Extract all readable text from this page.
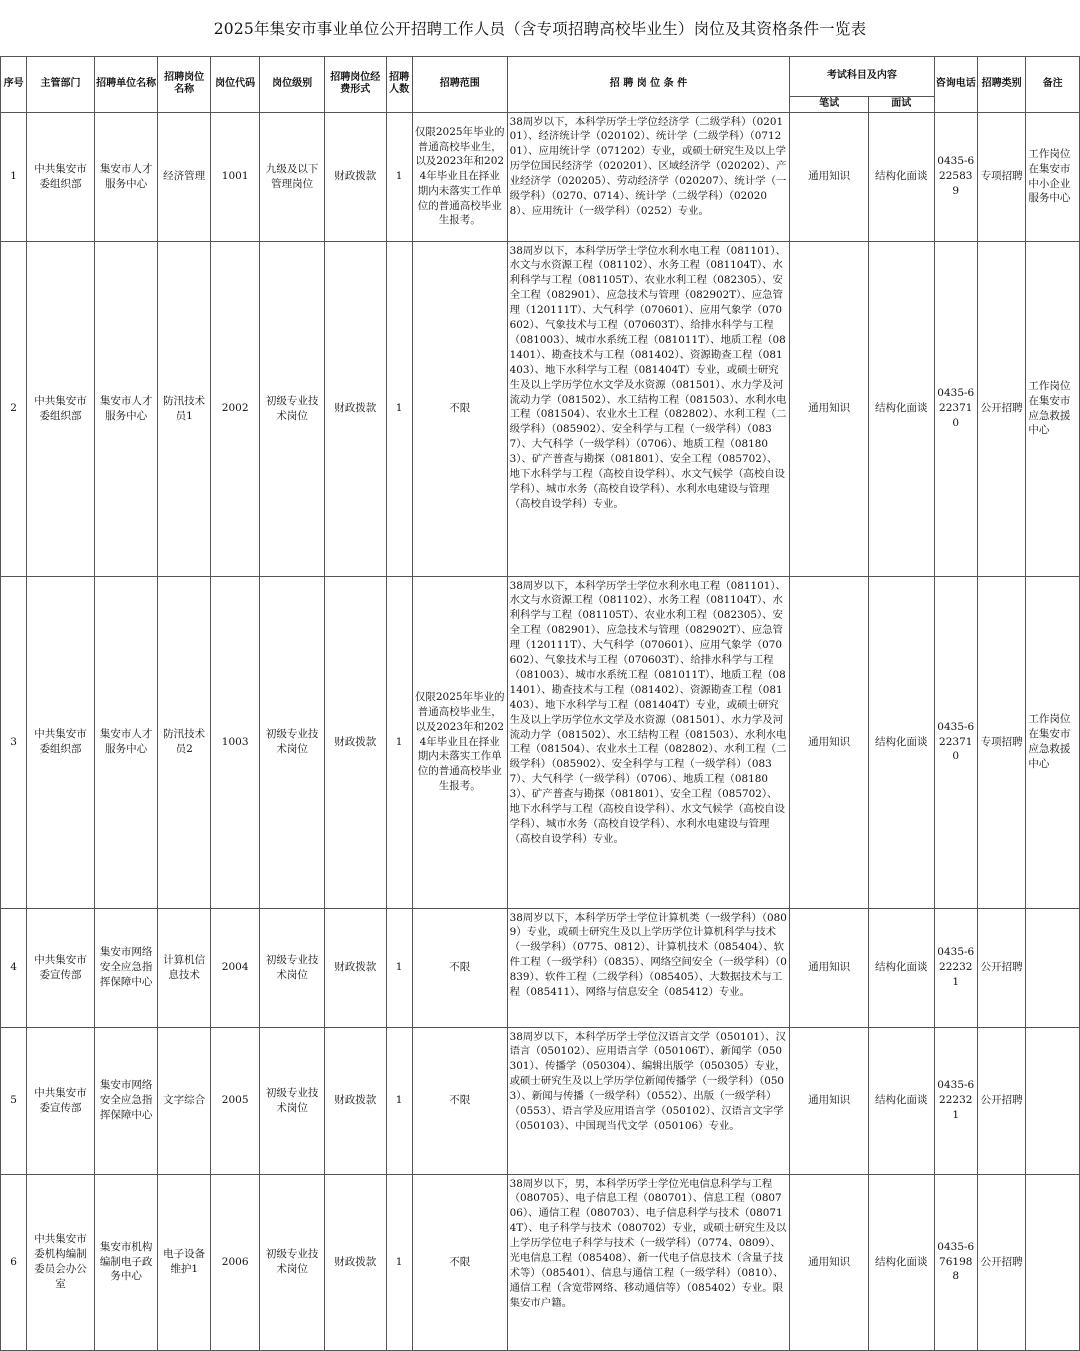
2025年集安市事业单位公开招聘工作人员（含专项招聘高校毕业生）岗位及其资格条件一览表
序号	主管部门	招聘单位名称	招聘岗位名称	岗位代码	岗位级别	招聘岗位经费形式	招聘人数	招聘范围	招 聘 岗 位 条 件	考试科目及内容		咨询电话	招聘类别	备注
										笔试	面试			
1	中共集安市委组织部	集安市人才服务中心	经济管理	1001	九级及以下管理岗位	财政拨款	1	仅限2025年毕业的普通高校毕业生，以及2023年和2024年毕业且在择业期内未落实工作单位的普通高校毕业生报考。	38周岁以下，本科学历学士学位经济学（二级学科）（020101）、经济统计学（020102）、统计学（二级学科）（071201）、应用统计学（071202）专业，或硕士研究生及以上学历学位国民经济学（020201）、区域经济学（020202）、产业经济学（020205）、劳动经济学（020207）、统计学（一级学科）（0270、0714）、统计学（二级学科）（020208）、应用统计（一级学科）（0252）专业。	通用知识	结构化面谈	0435-6225839	专项招聘	工作岗位在集安市中小企业服务中心
2	中共集安市委组织部	集安市人才服务中心	防汛技术员1	2002	初级专业技术岗位	财政拨款	1	不限	38周岁以下，本科学历学士学位水利水电工程（081101）、水文与水资源工程（081102）、水务工程（081104T）、水利科学与工程（081105T）、农业水利工程（082305）、安全工程（082901）、应急技术与管理（082902T）、应急管理（120111T）、大气科学（070601）、应用气象学（070602）、气象技术与工程（070603T）、给排水科学与工程（081003）、城市水系统工程（081011T）、地质工程（081401）、勘查技术与工程（081402）、资源勘查工程（081403）、地下水科学与工程（081404T）专业，或硕士研究生及以上学历学位水文学及水资源（081501）、水力学及河流动力学（081502）、水工结构工程（081503）、水利水电工程（081504）、农业水土工程（082802）、水利工程（二级学科）（085902）、安全科学与工程（一级学科）（0837）、大气科学（一级学科）（0706）、地质工程（081803）、矿产普查与勘探（081801）、安全工程（085702）、地下水科学与工程（高校自设学科）、水文气候学（高校自设学科）、城市水务（高校自设学科）、水利水电建设与管理（高校自设学科）专业。	通用知识	结构化面谈	0435-6223710	公开招聘	工作岗位在集安市应急救援中心
3	中共集安市委组织部	集安市人才服务中心	防汛技术员2	1003	初级专业技术岗位	财政拨款	1	仅限2025年毕业的普通高校毕业生，以及2023年和2024年毕业且在择业期内未落实工作单位的普通高校毕业生报考。	38周岁以下，本科学历学士学位水利水电工程（081101）、水文与水资源工程（081102）、水务工程（081104T）、水利科学与工程（081105T）、农业水利工程（082305）、安全工程（082901）、应急技术与管理（082902T）、应急管理（120111T）、大气科学（070601）、应用气象学（070602）、气象技术与工程（070603T）、给排水科学与工程（081003）、城市水系统工程（081011T）、地质工程（081401）、勘查技术与工程（081402）、资源勘查工程（081403）、地下水科学与工程（081404T）专业，或硕士研究生及以上学历学位水文学及水资源（081501）、水力学及河流动力学（081502）、水工结构工程（081503）、水利水电工程（081504）、农业水土工程（082802）、水利工程（二级学科）（085902）、安全科学与工程（一级学科）（0837）、大气科学（一级学科）（0706）、地质工程（081803）、矿产普查与勘探（081801）、安全工程（085702）、地下水科学与工程（高校自设学科）、水文气候学（高校自设学科）、城市水务（高校自设学科）、水利水电建设与管理（高校自设学科）专业。	通用知识	结构化面谈	0435-6223710	专项招聘	工作岗位在集安市应急救援中心
4	中共集安市委宣传部	集安市网络安全应急指挥保障中心	计算机信息技术	2004	初级专业技术岗位	财政拨款	1	不限	38周岁以下，本科学历学士学位计算机类（一级学科）（0809）专业，或硕士研究生及以上学历学位计算机科学与技术（一级学科）（0775、0812）、计算机技术（085404）、软件工程（一级学科）（0835）、网络空间安全（一级学科）（0839）、软件工程（二级学科）（085405）、大数据技术与工程（085411）、网络与信息安全（085412）专业。	通用知识	结构化面谈	0435-6222321	公开招聘	
5	中共集安市委宣传部	集安市网络安全应急指挥保障中心	文字综合	2005	初级专业技术岗位	财政拨款	1	不限	38周岁以下，本科学历学士学位汉语言文学（050101）、汉语言（050102）、应用语言学（050106T）、新闻学（050301）、传播学（050304）、编辑出版学（050305）专业，或硕士研究生及以上学历学位新闻传播学（一级学科）（0503）、新闻与传播（一级学科）（0552）、出版（一级学科）（0553）、语言学及应用语言学（050102）、汉语言文字学（050103）、中国现当代文学（050106）专业。	通用知识	结构化面谈	0435-6222321	公开招聘	
6	中共集安市委机构编制委员会办公室	集安市机构编制电子政务中心	电子设备维护1	2006	初级专业技术岗位	财政拨款	1	不限	38周岁以下，男，本科学历学士学位光电信息科学与工程（080705）、电子信息工程（080701）、信息工程（080706）、通信工程（080703）、电子信息科学与技术（080714T）、电子科学与技术（080702）专业，或硕士研究生及以上学历学位电子科学与技术（一级学科）（0774、0809）、光电信息工程（085408）、新一代电子信息技术（含量子技术等）（085401）、信息与通信工程（一级学科）（0810）、通信工程（含宽带网络、移动通信等）（085402）专业。限集安市户籍。	通用知识	结构化面谈	0435-6761988	公开招聘	
